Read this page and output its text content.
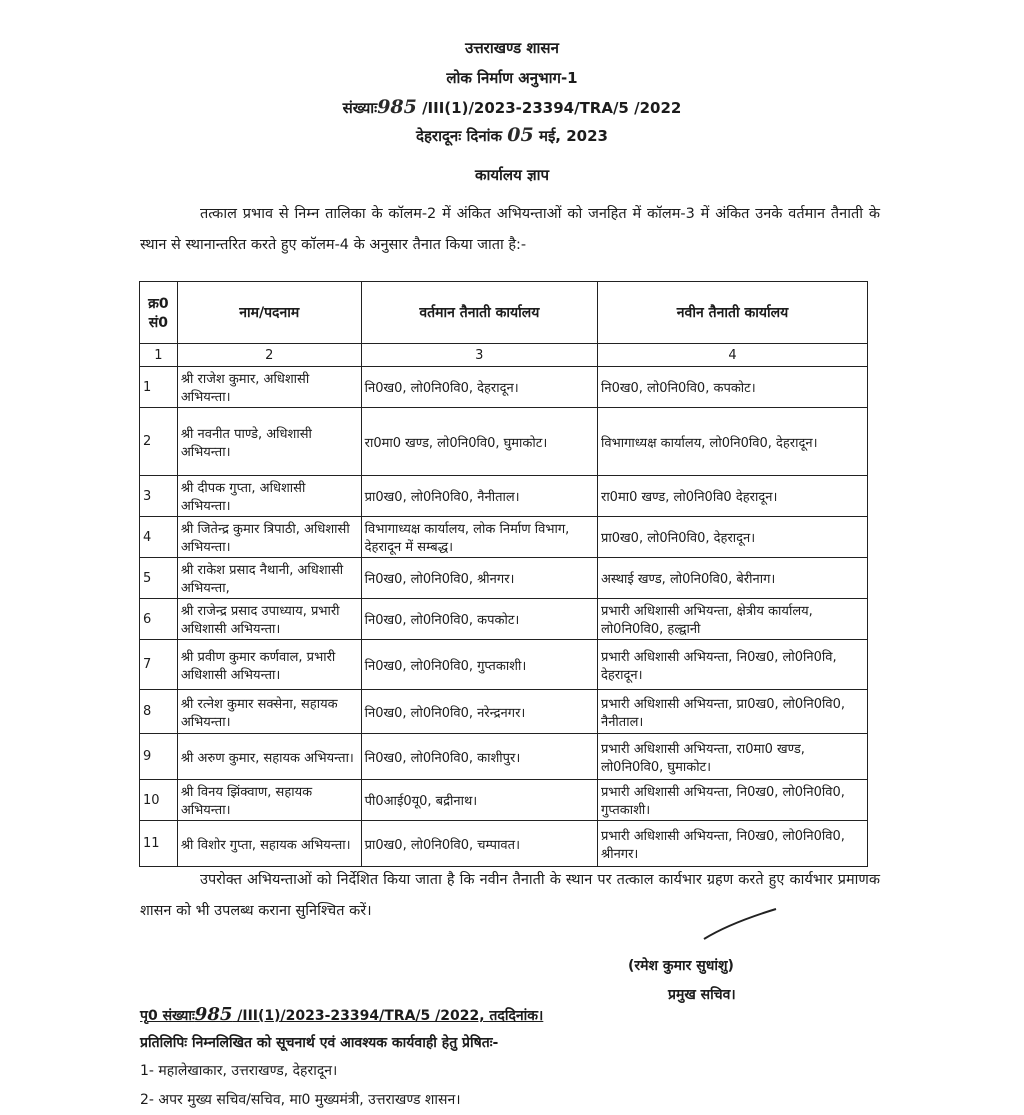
उत्तराखण्ड शासन
लोक निर्माण अनुभाग-1
संख्याः985 /III(1)/2023-23394/TRA/5 /2022
देहरादूनः दिनांक 05 मई, 2023
कार्यालय ज्ञाप
तत्काल प्रभाव से निम्न तालिका के कॉलम-2 में अंकित अभियन्ताओं को जनहित में कॉलम-3 में अंकित उनके वर्तमान तैनाती के स्थान से स्थानान्तरित करते हुए कॉलम-4 के अनुसार तैनात किया जाता है:-
क्र0 सं0	नाम/पदनाम	वर्तमान तैनाती कार्यालय	नवीन तैनाती कार्यालय
1	2	3	4
1	श्री राजेश कुमार, अधिशासी अभियन्ता।	नि0ख0, लो0नि0वि0, देहरादून।	नि0ख0, लो0नि0वि0, कपकोट।
2	श्री नवनीत पाण्डे, अधिशासी अभियन्ता।	रा0मा0 खण्ड, लो0नि0वि0, घुमाकोट।	विभागाध्यक्ष कार्यालय, लो0नि0वि0, देहरादून।
3	श्री दीपक गुप्ता, अधिशासी अभियन्ता।	प्रा0ख0, लो0नि0वि0, नैनीताल।	रा0मा0 खण्ड, लो0नि0वि0 देहरादून।
4	श्री जितेन्द्र कुमार त्रिपाठी, अधिशासी अभियन्ता।	विभागाध्यक्ष कार्यालय, लोक निर्माण विभाग, देहरादून में सम्बद्ध।	प्रा0ख0, लो0नि0वि0, देहरादून।
5	श्री राकेश प्रसाद नैथानी, अधिशासी अभियन्ता,	नि0ख0, लो0नि0वि0, श्रीनगर।	अस्थाई खण्ड, लो0नि0वि0, बेरीनाग।
6	श्री राजेन्द्र प्रसाद उपाध्याय, प्रभारी अधिशासी अभियन्ता।	नि0ख0, लो0नि0वि0, कपकोट।	प्रभारी अधिशासी अभियन्ता, क्षेत्रीय कार्यालय, लो0नि0वि0, हल्द्वानी
7	श्री प्रवीण कुमार कर्णवाल, प्रभारी अधिशासी अभियन्ता।	नि0ख0, लो0नि0वि0, गुप्तकाशी।	प्रभारी अधिशासी अभियन्ता, नि0ख0, लो0नि0वि, देहरादून।
8	श्री रत्नेश कुमार सक्सेना, सहायक अभियन्ता।	नि0ख0, लो0नि0वि0, नरेन्द्रनगर।	प्रभारी अधिशासी अभियन्ता, प्रा0ख0, लो0नि0वि0, नैनीताल।
9	श्री अरुण कुमार, सहायक अभियन्ता।	नि0ख0, लो0नि0वि0, काशीपुर।	प्रभारी अधिशासी अभियन्ता, रा0मा0 खण्ड, लो0नि0वि0, घुमाकोट।
10	श्री विनय झिंक्वाण, सहायक अभियन्ता।	पी0आई0यू0, बद्रीनाथ।	प्रभारी अधिशासी अभियन्ता, नि0ख0, लो0नि0वि0, गुप्तकाशी।
11	श्री विशोर गुप्ता, सहायक अभियन्ता।	प्रा0ख0, लो0नि0वि0, चम्पावत।	प्रभारी अधिशासी अभियन्ता, नि0ख0, लो0नि0वि0, श्रीनगर।
उपरोक्त अभियन्ताओं को निर्देशित किया जाता है कि नवीन तैनाती के स्थान पर तत्काल कार्यभार ग्रहण करते हुए कार्यभार प्रमाणक शासन को भी उपलब्ध कराना सुनिश्चित करें।
(रमेश कुमार सुधांशु)
प्रमुख सचिव।
पृ0 संख्याः985 /III(1)/2023-23394/TRA/5 /2022, तददिनांक।
प्रतिलिपिः निम्नलिखित को सूचनार्थ एवं आवश्यक कार्यवाही हेतु प्रेषितः-
1- महालेखाकार, उत्तराखण्ड, देहरादून।
2- अपर मुख्य सचिव/सचिव, मा0 मुख्यमंत्री, उत्तराखण्ड शासन।
